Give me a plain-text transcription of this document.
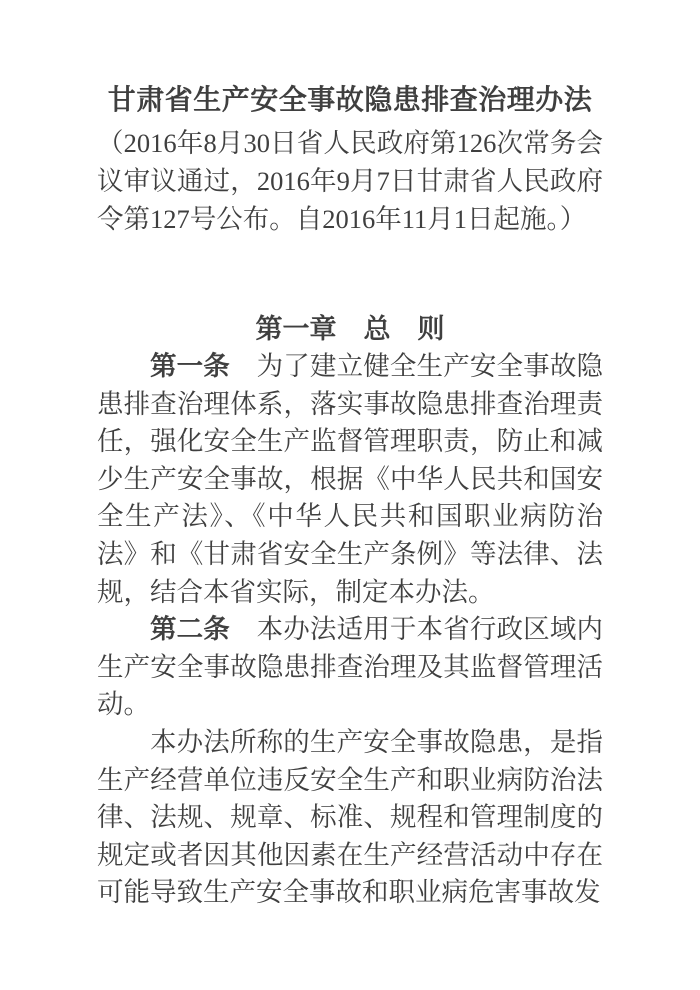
甘肃省生产安全事故隐患排查治理办法

（2016年8月30日省人民政府第126次常务会议审议通过，2016年9月7日甘肃省人民政府令第127号公布。自2016年11月1日起施。）

第一章　总　则

第一条　为了建立健全生产安全事故隐患排查治理体系，落实事故隐患排查治理责任，强化安全生产监督管理职责，防止和减少生产安全事故，根据《中华人民共和国安全生产法》、《中华人民共和国职业病防治法》和《甘肃省安全生产条例》等法律、法规，结合本省实际，制定本办法。

第二条　本办法适用于本省行政区域内生产安全事故隐患排查治理及其监督管理活动。

本办法所称的生产安全事故隐患，是指生产经营单位违反安全生产和职业病防治法律、法规、规章、标准、规程和管理制度的规定或者因其他因素在生产经营活动中存在可能导致生产安全事故和职业病危害事故发
